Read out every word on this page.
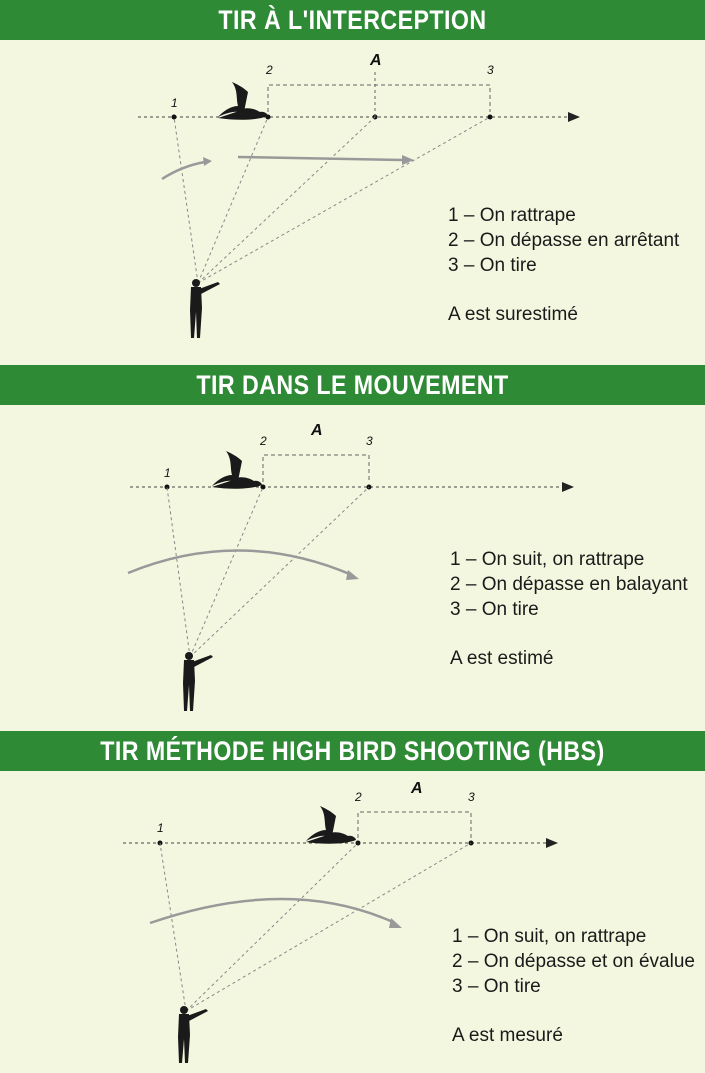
TIR À L'INTERCEPTION
1
2
A
3
1 – On rattrape
2 – On dépasse en arrêtant
3 – On tire
A est surestimé
TIR DANS LE MOUVEMENT
1
2
A
3
1 – On suit, on rattrape
2 – On dépasse en balayant
3 – On tire
A est estimé
TIR MÉTHODE HIGH BIRD SHOOTING (HBS)
1
2	A	3
1 – On suit, on rattrape
2 – On dépasse et on évalue
3 – On tire
A est mesuré
